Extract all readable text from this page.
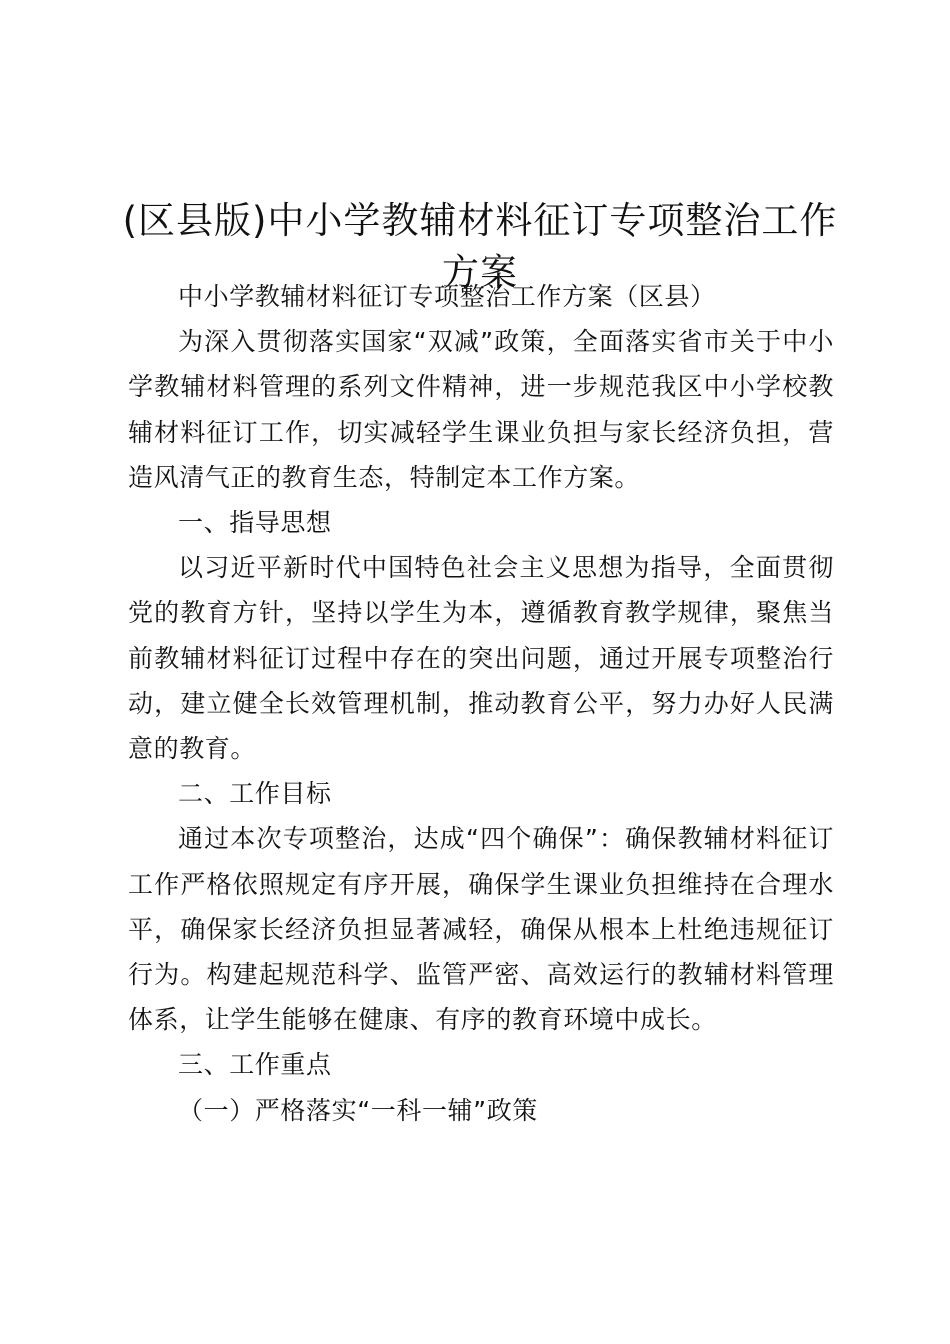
(区县版)中小学教辅材料征订专项整治工作方案

中小学教辅材料征订专项整治工作方案（区县）

为深入贯彻落实国家“双减”政策，全面落实省市关于中小学教辅材料管理的系列文件精神，进一步规范我区中小学校教辅材料征订工作，切实减轻学生课业负担与家长经济负担，营造风清气正的教育生态，特制定本工作方案。

一、指导思想

以习近平新时代中国特色社会主义思想为指导，全面贯彻党的教育方针，坚持以学生为本，遵循教育教学规律，聚焦当前教辅材料征订过程中存在的突出问题，通过开展专项整治行动，建立健全长效管理机制，推动教育公平，努力办好人民满意的教育。

二、工作目标

通过本次专项整治，达成“四个确保”：确保教辅材料征订工作严格依照规定有序开展，确保学生课业负担维持在合理水平，确保家长经济负担显著减轻，确保从根本上杜绝违规征订行为。构建起规范科学、监管严密、高效运行的教辅材料管理体系，让学生能够在健康、有序的教育环境中成长。

三、工作重点

（一）严格落实“一科一辅”政策
